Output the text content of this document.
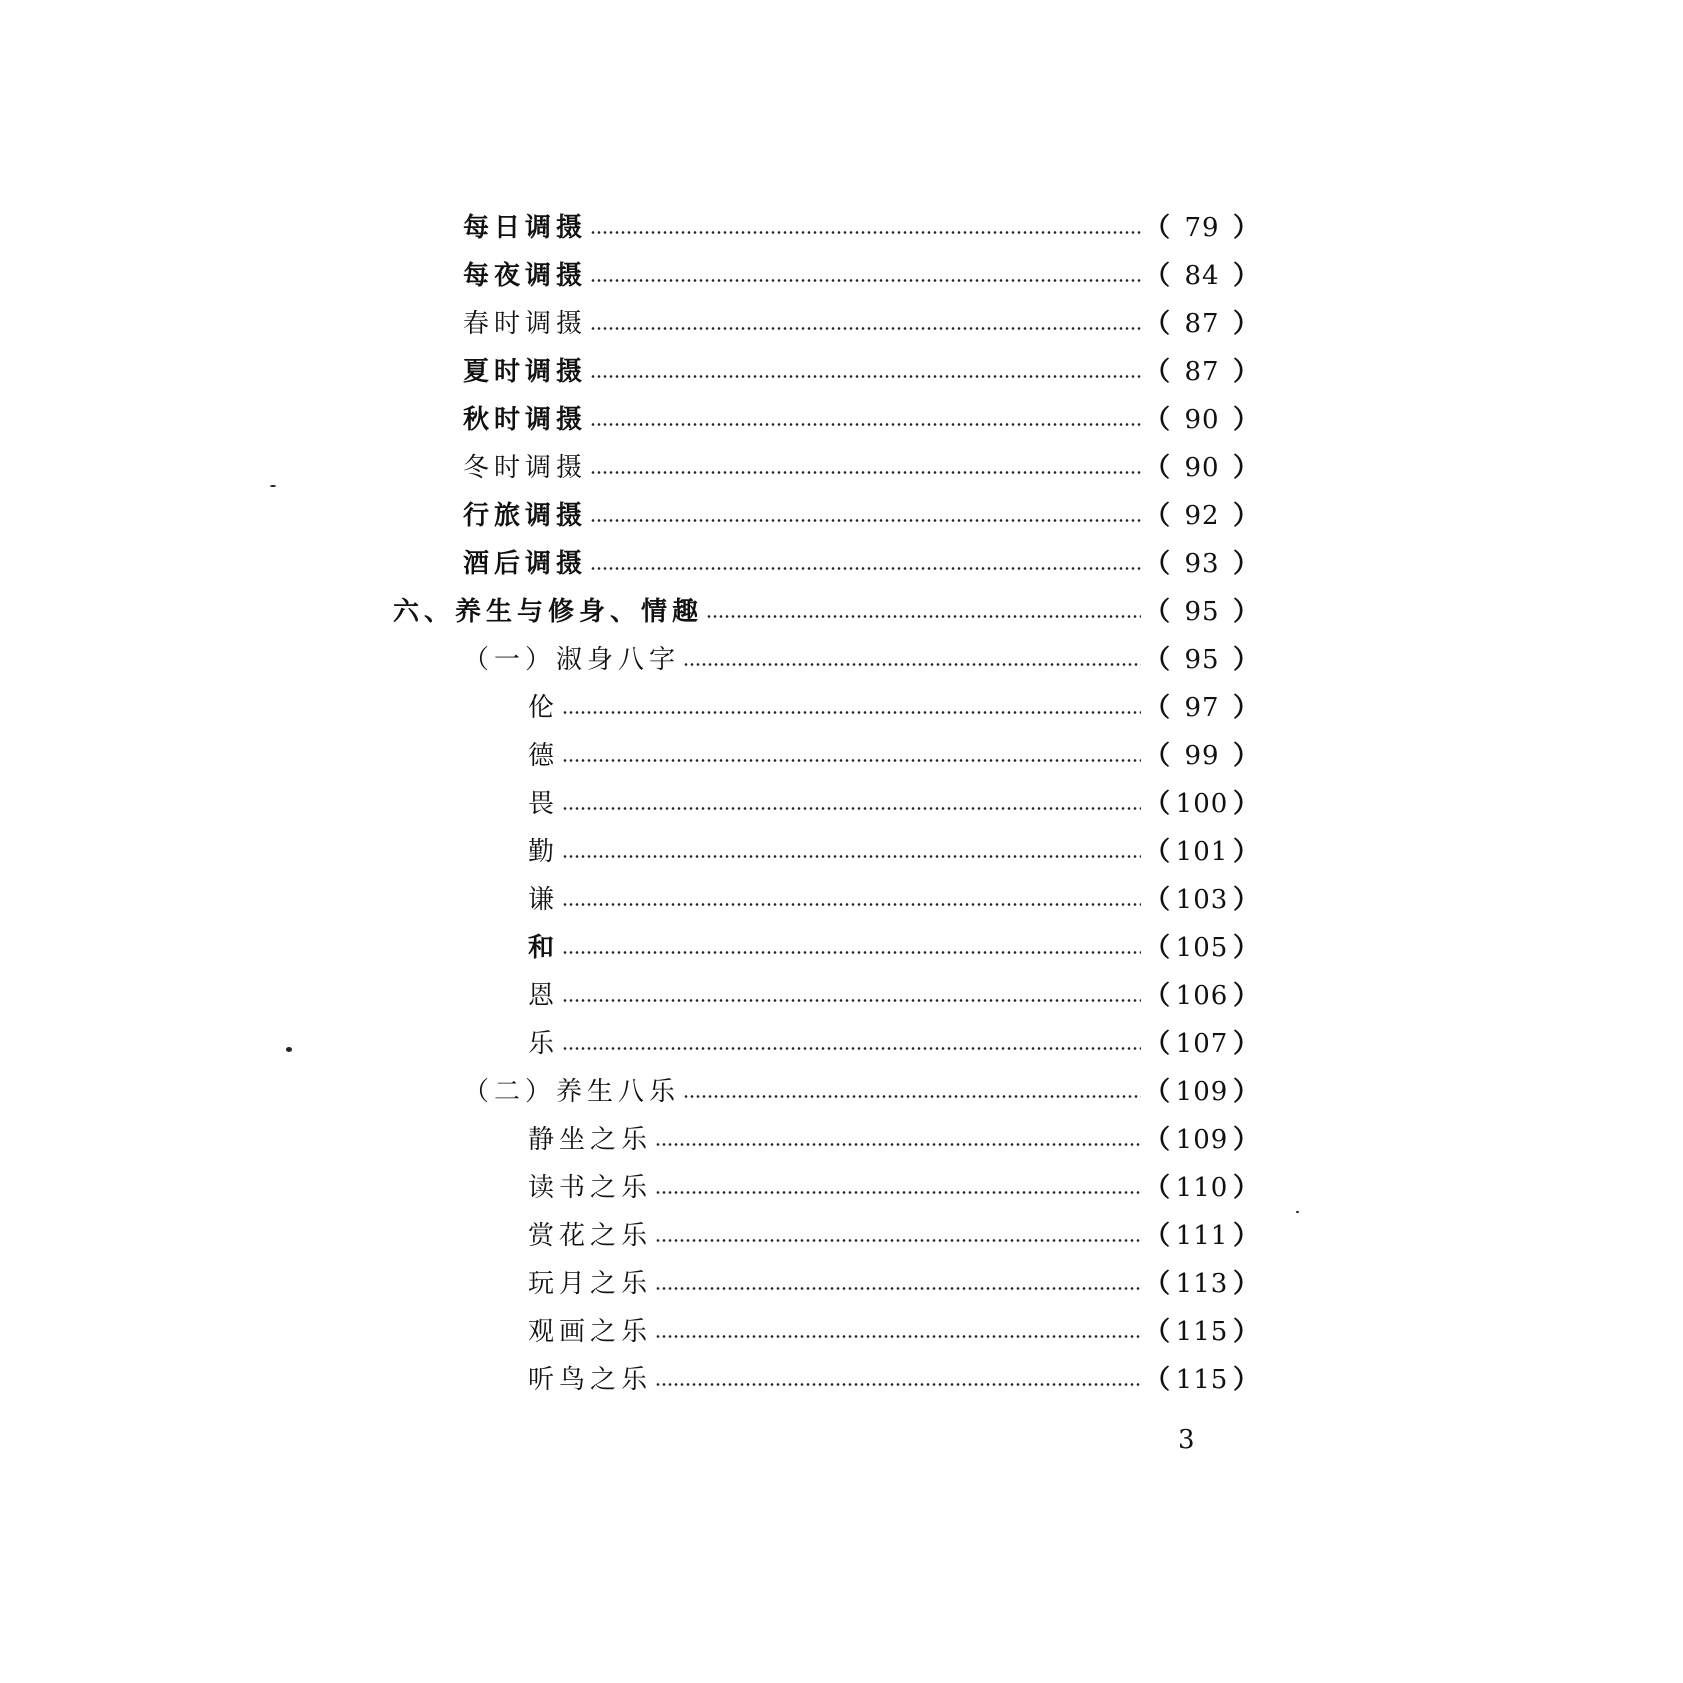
每日调摄	（ 79 ）
每夜调摄	（ 84 ）
春时调摄	（ 87 ）
夏时调摄	（ 87 ）
秋时调摄	（ 90 ）
冬时调摄	（ 90 ）
行旅调摄	（ 92 ）
酒后调摄	（ 93 ）
六、养生与修身、情趣	（ 95 ）
（一）淑身八字	（ 95 ）
伦	（ 97 ）
德	（ 99 ）
畏	（ 100 ）
勤	（ 101 ）
谦	（ 103 ）
和	（ 105 ）
恩	（ 106 ）
乐	（ 107 ）
（二）养生八乐	（ 109 ）
静坐之乐	（ 109 ）
读书之乐	（ 110 ）
赏花之乐	（ 111 ）
玩月之乐	（ 113 ）
观画之乐	（ 115 ）
听鸟之乐	（ 115 ）
3
